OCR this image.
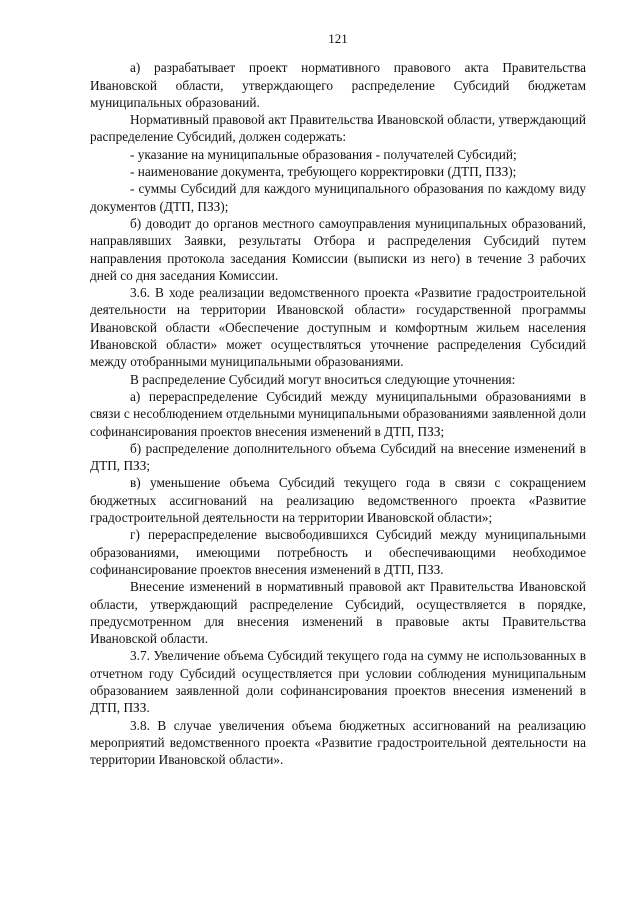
121

а) разрабатывает проект нормативного правового акта Правительства Ивановской области, утверждающего распределение Субсидий бюджетам муниципальных образований.

Нормативный правовой акт Правительства Ивановской области, утверждающий распределение Субсидий, должен содержать:

- указание на муниципальные образования - получателей Субсидий;

- наименование документа, требующего корректировки (ДТП, ПЗЗ);

- суммы Субсидий для каждого муниципального образования по каждому виду документов (ДТП, ПЗЗ);

б) доводит до органов местного самоуправления муниципальных образований, направлявших Заявки, результаты Отбора и распределения Субсидий путем направления протокола заседания Комиссии (выписки из него) в течение 3 рабочих дней со дня заседания Комиссии.

3.6. В ходе реализации ведомственного проекта «Развитие градостроительной деятельности на территории Ивановской области» государственной программы Ивановской области «Обеспечение доступным и комфортным жильем населения Ивановской области» может осуществляться уточнение распределения Субсидий между отобранными муниципальными образованиями.

В распределение Субсидий могут вноситься следующие уточнения:

а) перераспределение Субсидий между муниципальными образованиями в связи с несоблюдением отдельными муниципальными образованиями заявленной доли софинансирования проектов внесения изменений в ДТП, ПЗЗ;

б) распределение дополнительного объема Субсидий на внесение изменений в ДТП, ПЗЗ;

в) уменьшение объема Субсидий текущего года в связи с сокращением бюджетных ассигнований на реализацию ведомственного проекта «Развитие градостроительной деятельности на территории Ивановской области»;

г) перераспределение высвободившихся Субсидий между муниципальными образованиями, имеющими потребность и обеспечивающими необходимое софинансирование проектов внесения изменений в ДТП, ПЗЗ.

Внесение изменений в нормативный правовой акт Правительства Ивановской области, утверждающий распределение Субсидий, осуществляется в порядке, предусмотренном для внесения изменений в правовые акты Правительства Ивановской области.

3.7. Увеличение объема Субсидий текущего года на сумму не использованных в отчетном году Субсидий осуществляется при условии соблюдения муниципальным образованием заявленной доли софинансирования проектов внесения изменений в ДТП, ПЗЗ.

3.8. В случае увеличения объема бюджетных ассигнований на реализацию мероприятий ведомственного проекта «Развитие градостроительной деятельности на территории Ивановской области».
